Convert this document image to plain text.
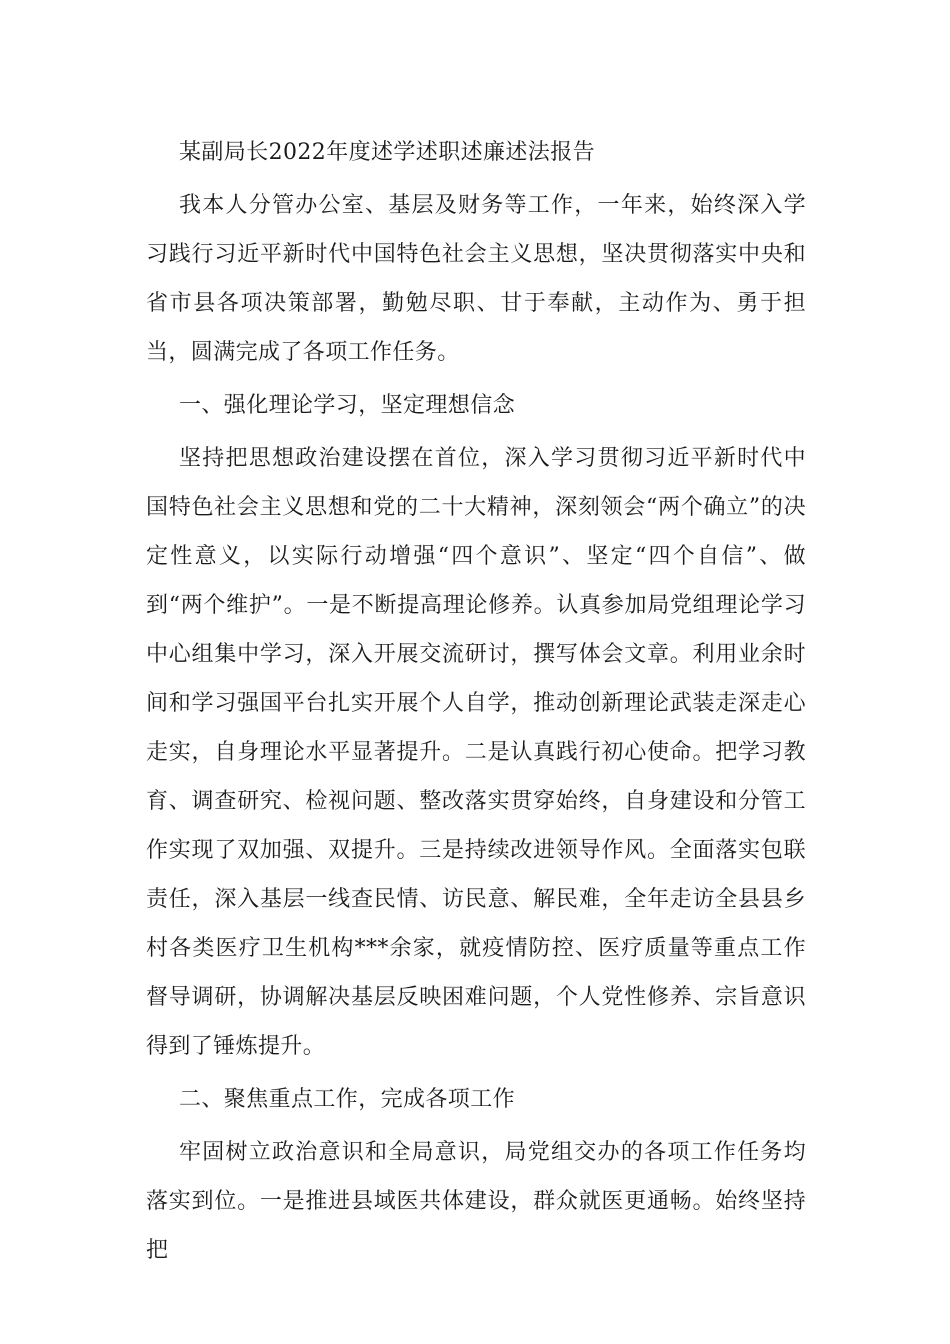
某副局长2022年度述学述职述廉述法报告

我本人分管办公室、基层及财务等工作，一年来，始终深入学习践行习近平新时代中国特色社会主义思想，坚决贯彻落实中央和省市县各项决策部署，勤勉尽职、甘于奉献，主动作为、勇于担当，圆满完成了各项工作任务。

一、强化理论学习，坚定理想信念

坚持把思想政治建设摆在首位，深入学习贯彻习近平新时代中国特色社会主义思想和党的二十大精神，深刻领会“两个确立”的决定性意义，以实际行动增强“四个意识”、坚定“四个自信”、做到“两个维护”。一是不断提高理论修养。认真参加局党组理论学习中心组集中学习，深入开展交流研讨，撰写体会文章。利用业余时间和学习强国平台扎实开展个人自学，推动创新理论武装走深走心走实，自身理论水平显著提升。二是认真践行初心使命。把学习教育、调查研究、检视问题、整改落实贯穿始终，自身建设和分管工作实现了双加强、双提升。三是持续改进领导作风。全面落实包联责任，深入基层一线查民情、访民意、解民难，全年走访全县县乡村各类医疗卫生机构***余家，就疫情防控、医疗质量等重点工作督导调研，协调解决基层反映困难问题，个人党性修养、宗旨意识得到了锤炼提升。

二、聚焦重点工作，完成各项工作

牢固树立政治意识和全局意识，局党组交办的各项工作任务均落实到位。一是推进县域医共体建设，群众就医更通畅。始终坚持把
